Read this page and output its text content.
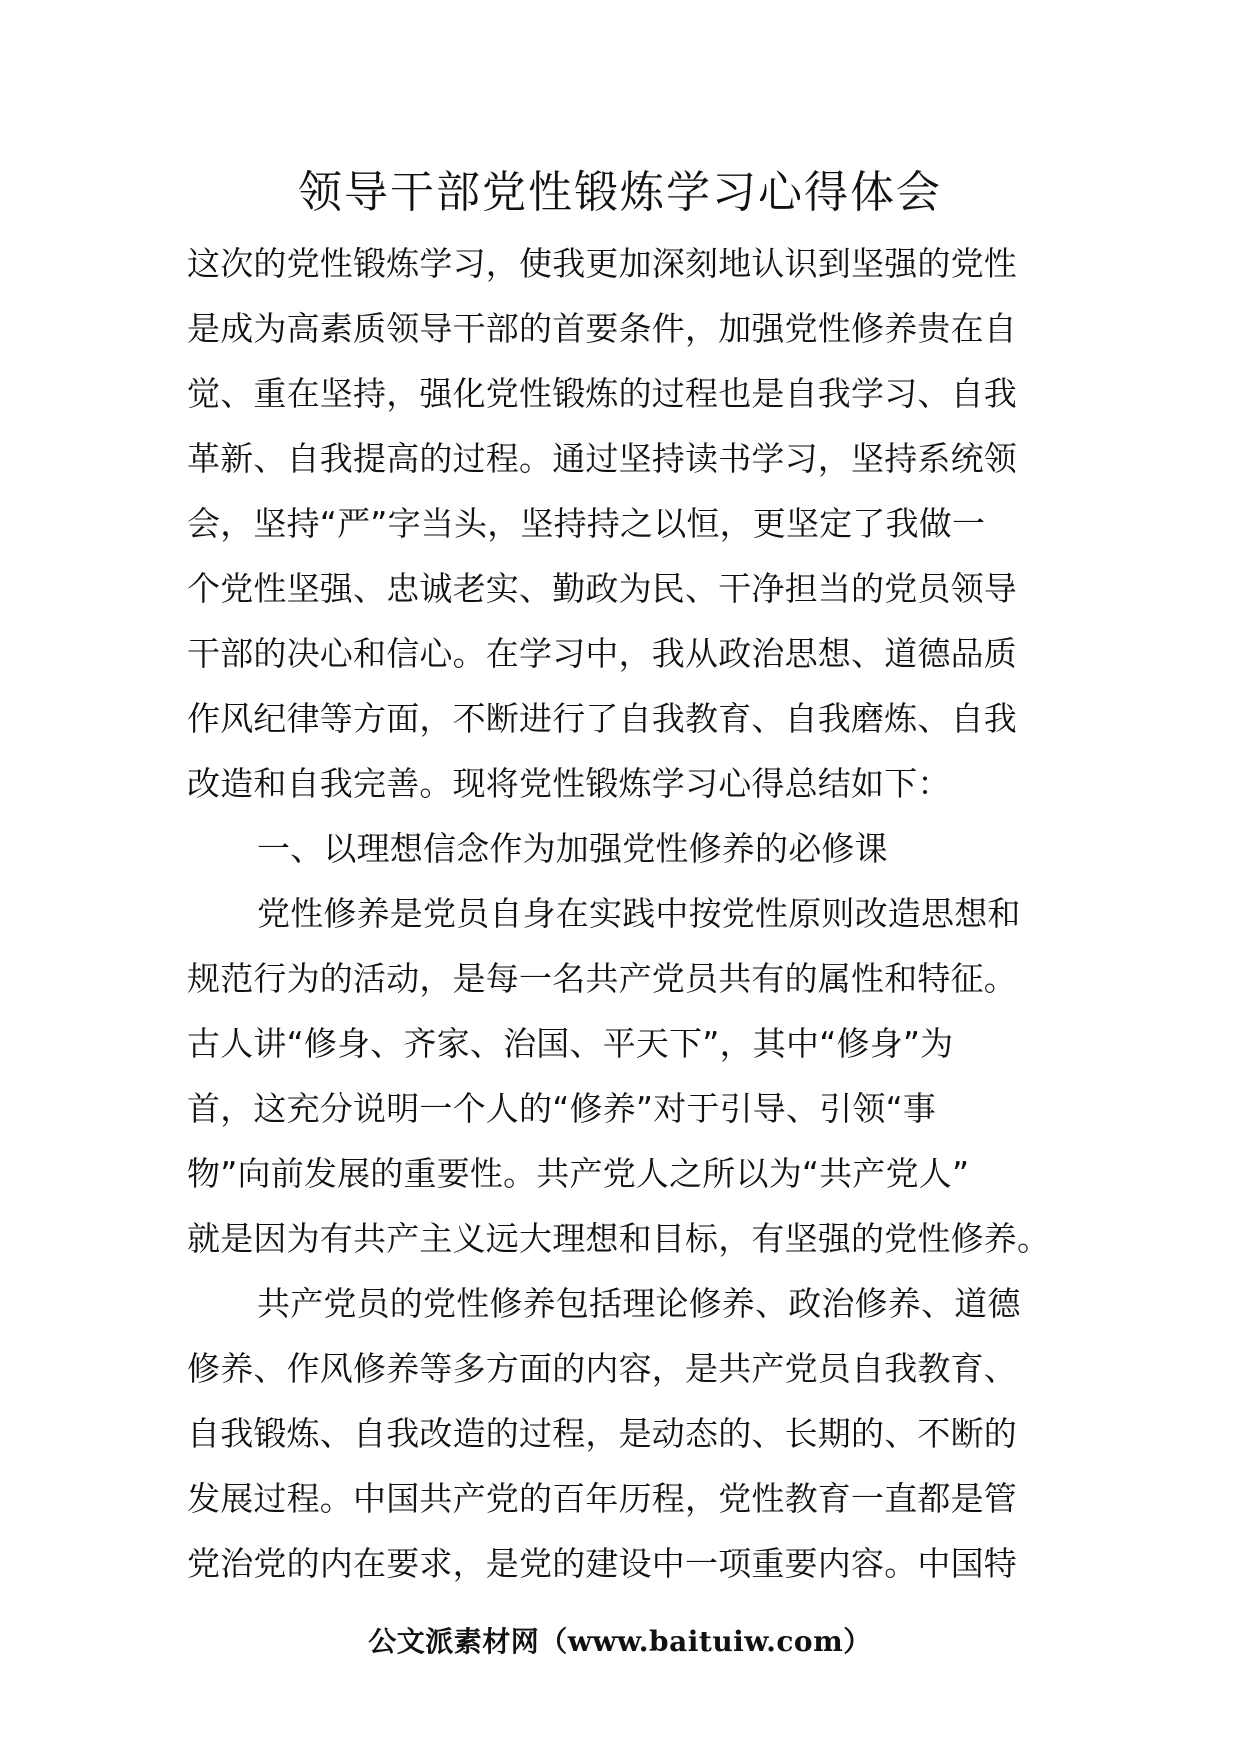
领导干部党性锻炼学习心得体会
这次的党性锻炼学习，使我更加深刻地认识到坚强的党性
是成为高素质领导干部的首要条件，加强党性修养贵在自
觉、重在坚持，强化党性锻炼的过程也是自我学习、自我
革新、自我提高的过程。通过坚持读书学习，坚持系统领
会，坚持“严”字当头，坚持持之以恒，更坚定了我做一
个党性坚强、忠诚老实、勤政为民、干净担当的党员领导
干部的决心和信心。在学习中，我从政治思想、道德品质
作风纪律等方面，不断进行了自我教育、自我磨炼、自我
改造和自我完善。现将党性锻炼学习心得总结如下：
一、以理想信念作为加强党性修养的必修课
党性修养是党员自身在实践中按党性原则改造思想和
规范行为的活动，是每一名共产党员共有的属性和特征。
古人讲“修身、齐家、治国、平天下”，其中“修身”为
首，这充分说明一个人的“修养”对于引导、引领“事
物”向前发展的重要性。共产党人之所以为“共产党人”
就是因为有共产主义远大理想和目标，有坚强的党性修养。
共产党员的党性修养包括理论修养、政治修养、道德
修养、作风修养等多方面的内容，是共产党员自我教育、
自我锻炼、自我改造的过程，是动态的、长期的、不断的
发展过程。中国共产党的百年历程，党性教育一直都是管
党治党的内在要求，是党的建设中一项重要内容。中国特
公文派素材网（www.baituiw.com）
